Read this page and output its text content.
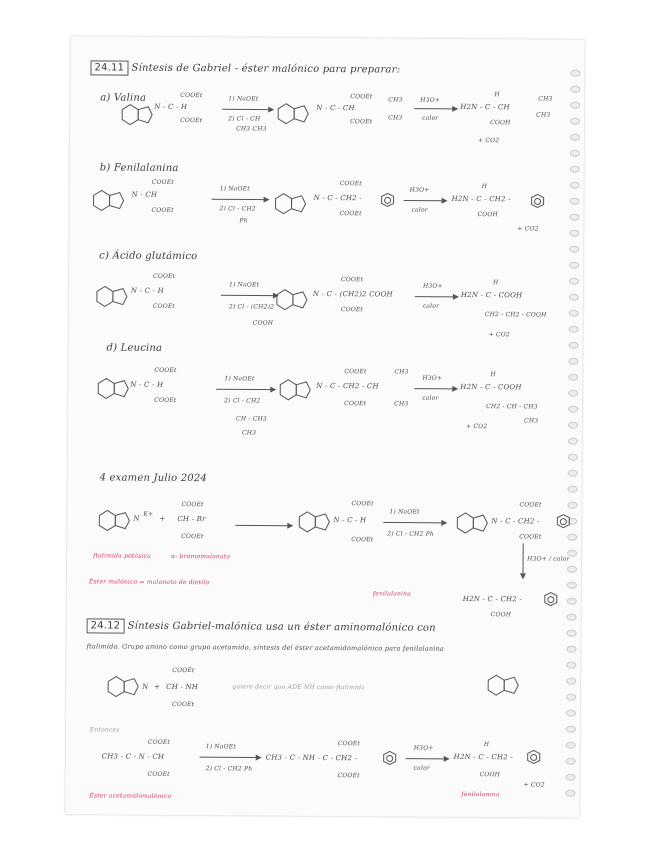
24.11 Síntesis de Gabriel - éster malónico para preparar:
a) Valina	COOEt
N - C - H
COOEt
1) NaOEt
2) Cl - CH
CH3 CH3
COOEt
N - C - CH
COOEt
CH3
CH3
H3O+
calor
H
H2N - C - CH
COOH
CH3
CH3
+ CO2
b) Fenilalanina
COOEt
N - CH
COOEt
1) NaOEt
2) Cl - CH2
Ph
COOEt
N - C - CH2 -
COOEt
H3O+
calor
H
H2N - C - CH2 -
COOH
+ CO2
c) Ácido glutámico
COOEt
N - C - H
COOEt
1) NaOEt
2) Cl - (CH2)2
COOH
COOEt
N - C - (CH2)2 COOH
COOEt
H3O+
calor
H
H2N - C - COOH
CH2 - CH2 - COOH
+ CO2
d) Leucina
COOEt
N - C - H
COOEt
1) NaOEt
2) Cl - CH2
CH - CH3
CH3
COOEt
N - C - CH2 - CH
COOEt
CH3
CH3
H3O+
calor
H
H2N - C - COOH
CH2 - CH - CH3
CH3
+ CO2
4 examen Julio 2024
N
K+
+
COOEt
CH - Br
COOEt
COOEt
N - C - H
COOEt
1) NaOEt
2) Cl - CH2 Ph
COOEt
N - C - CH2 -
COOEt
ftalimida potásica	α- bromomalonato	H3O+ / calor
Éster malónico = malonato de dietilo
fenilalanina
H2N - C - CH2 -
COOH
24.12 Síntesis Gabriel-malónica usa un éster aminomalónico con
ftalimida. Grupo amino como grupo acetamido, síntesis del éster acetamidomalónico para fenilalanina
N +
COOEt
CH - NH
COOEt
quiere decir que ADE NH como ftalimida
Entonces
COOEt
CH3 - C - N - CH
COOEt
1) NaOEt
2) Cl - CH2 Ph
COOEt
CH3 - C - NH - C - CH2 -
COOEt
H3O+
calor
H
H2N - C - CH2 -
COOH
+ CO2
Éster acetamidomalónico	fenilalanina
